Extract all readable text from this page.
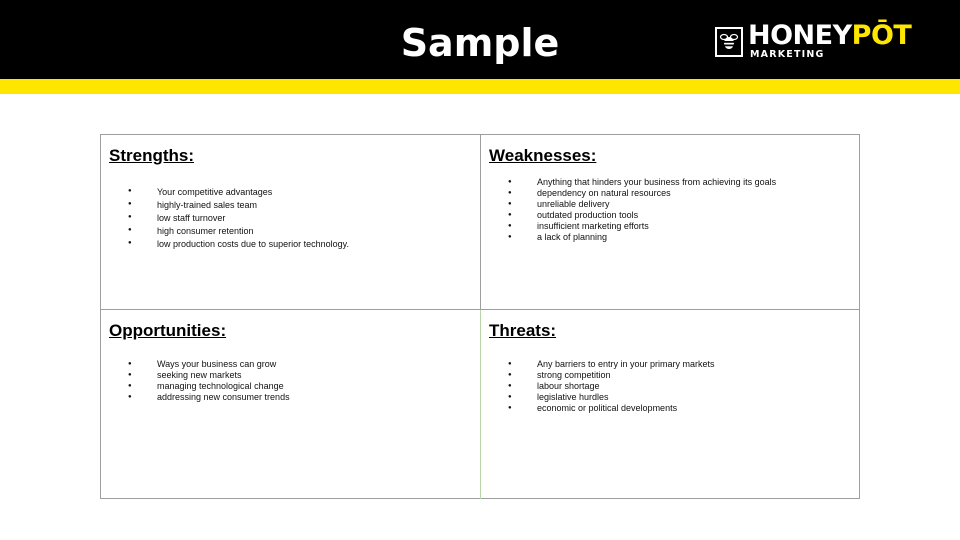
Sample	HONEYPŌT
MARKETING

Strengths:

● Your competitive advantages
● highly-trained sales team
● low staff turnover
● high consumer retention
● low production costs due to superior technology.

Weaknesses:

● Anything that hinders your business from achieving its goals
● dependency on natural resources
● unreliable delivery
● outdated production tools
● insufficient marketing efforts
● a lack of planning

Opportunities:

● Ways your business can grow
● seeking new markets
● managing technological change
● addressing new consumer trends

Threats:

● Any barriers to entry in your primary markets
● strong competition
● labour shortage
● legislative hurdles
● economic or political developments
